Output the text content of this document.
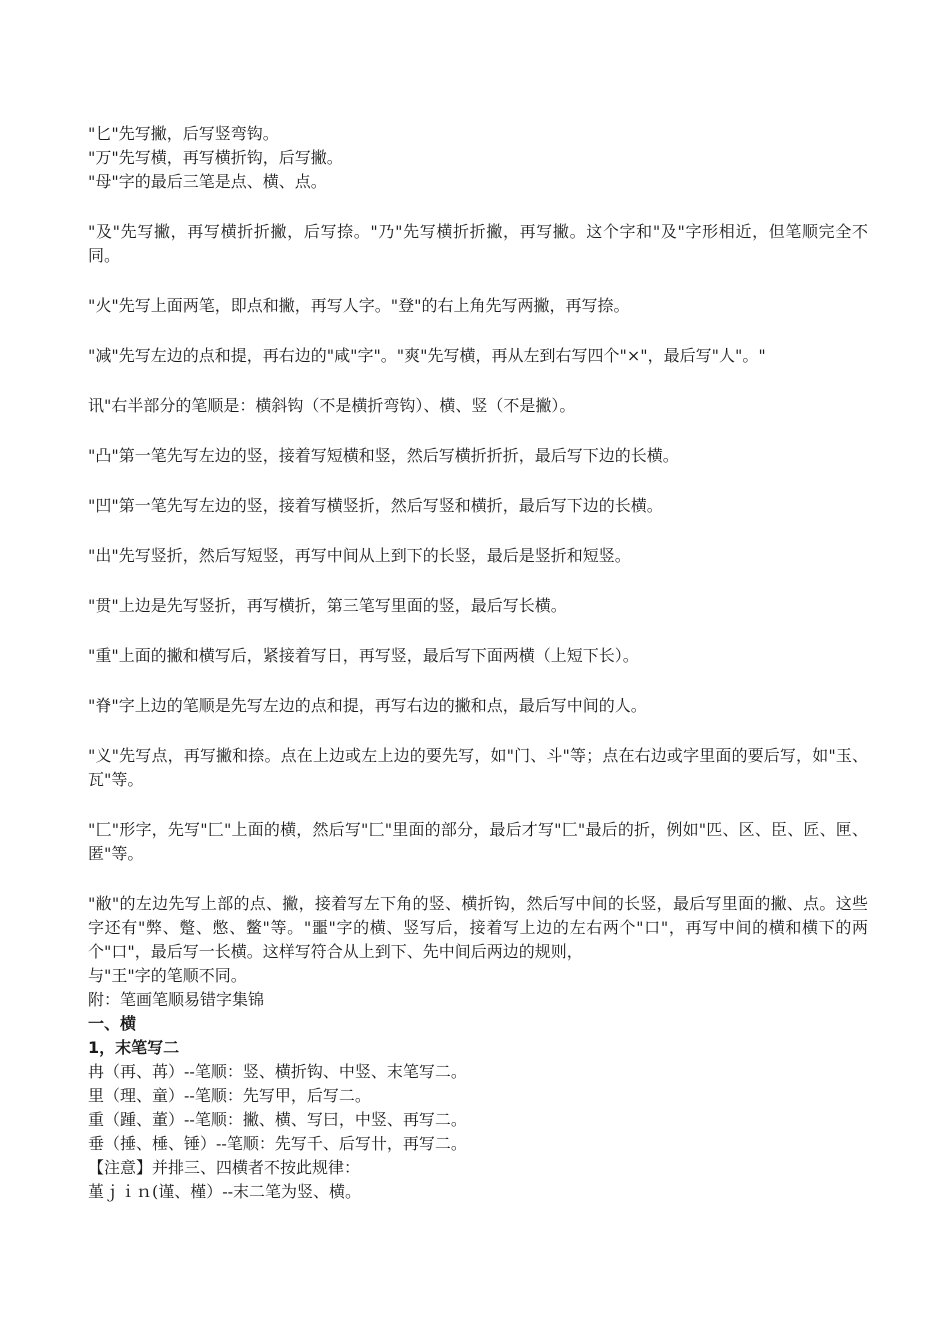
"匕"先写撇，后写竖弯钩。
"万"先写横，再写横折钩，后写撇。
"母"字的最后三笔是点、横、点。

"及"先写撇，再写横折折撇，后写捺。"乃"先写横折折撇，再写撇。这个字和"及"字形相近，但笔顺完全不同。

"火"先写上面两笔，即点和撇，再写人字。"登"的右上角先写两撇，再写捺。

"减"先写左边的点和提，再右边的"咸"字"。"爽"先写横，再从左到右写四个"×"，最后写"人"。"

讯"右半部分的笔顺是：横斜钩（不是横折弯钩）、横、竖（不是撇）。

"凸"第一笔先写左边的竖，接着写短横和竖，然后写横折折折，最后写下边的长横。

"凹"第一笔先写左边的竖，接着写横竖折，然后写竖和横折，最后写下边的长横。

"出"先写竖折，然后写短竖，再写中间从上到下的长竖，最后是竖折和短竖。

"贯"上边是先写竖折，再写横折，第三笔写里面的竖，最后写长横。

"重"上面的撇和横写后，紧接着写日，再写竖，最后写下面两横（上短下长）。

"脊"字上边的笔顺是先写左边的点和提，再写右边的撇和点，最后写中间的人。

"义"先写点，再写撇和捺。点在上边或左上边的要先写，如"门、斗"等；点在右边或字里面的要后写，如"玉、瓦"等。

"匚"形字，先写"匚"上面的横，然后写"匚"里面的部分，最后才写"匚"最后的折，例如"匹、区、臣、匠、匣、匿"等。

"敝"的左边先写上部的点、撇，接着写左下角的竖、横折钩，然后写中间的长竖，最后写里面的撇、点。这些字还有"弊、蹩、憋、鳖"等。"噩"字的横、竖写后，接着写上边的左右两个"口"，再写中间的横和横下的两个"口"，最后写一长横。这样写符合从上到下、先中间后两边的规则，

与"王"字的笔顺不同。

附：笔画笔顺易错字集锦
一、横
1，末笔写二
冉（再、苒）--笔顺：竖、横折钩、中竖、末笔写二。
里（理、童）--笔顺：先写甲，后写二。
重（踵、董）--笔顺：撇、横、写曰，中竖、再写二。
垂（捶、棰、锤）--笔顺：先写千、后写卄，再写二。
【注意】并排三、四横者不按此规律：
堇ｊｉｎ(谨、槿）--末二笔为竖、横。
